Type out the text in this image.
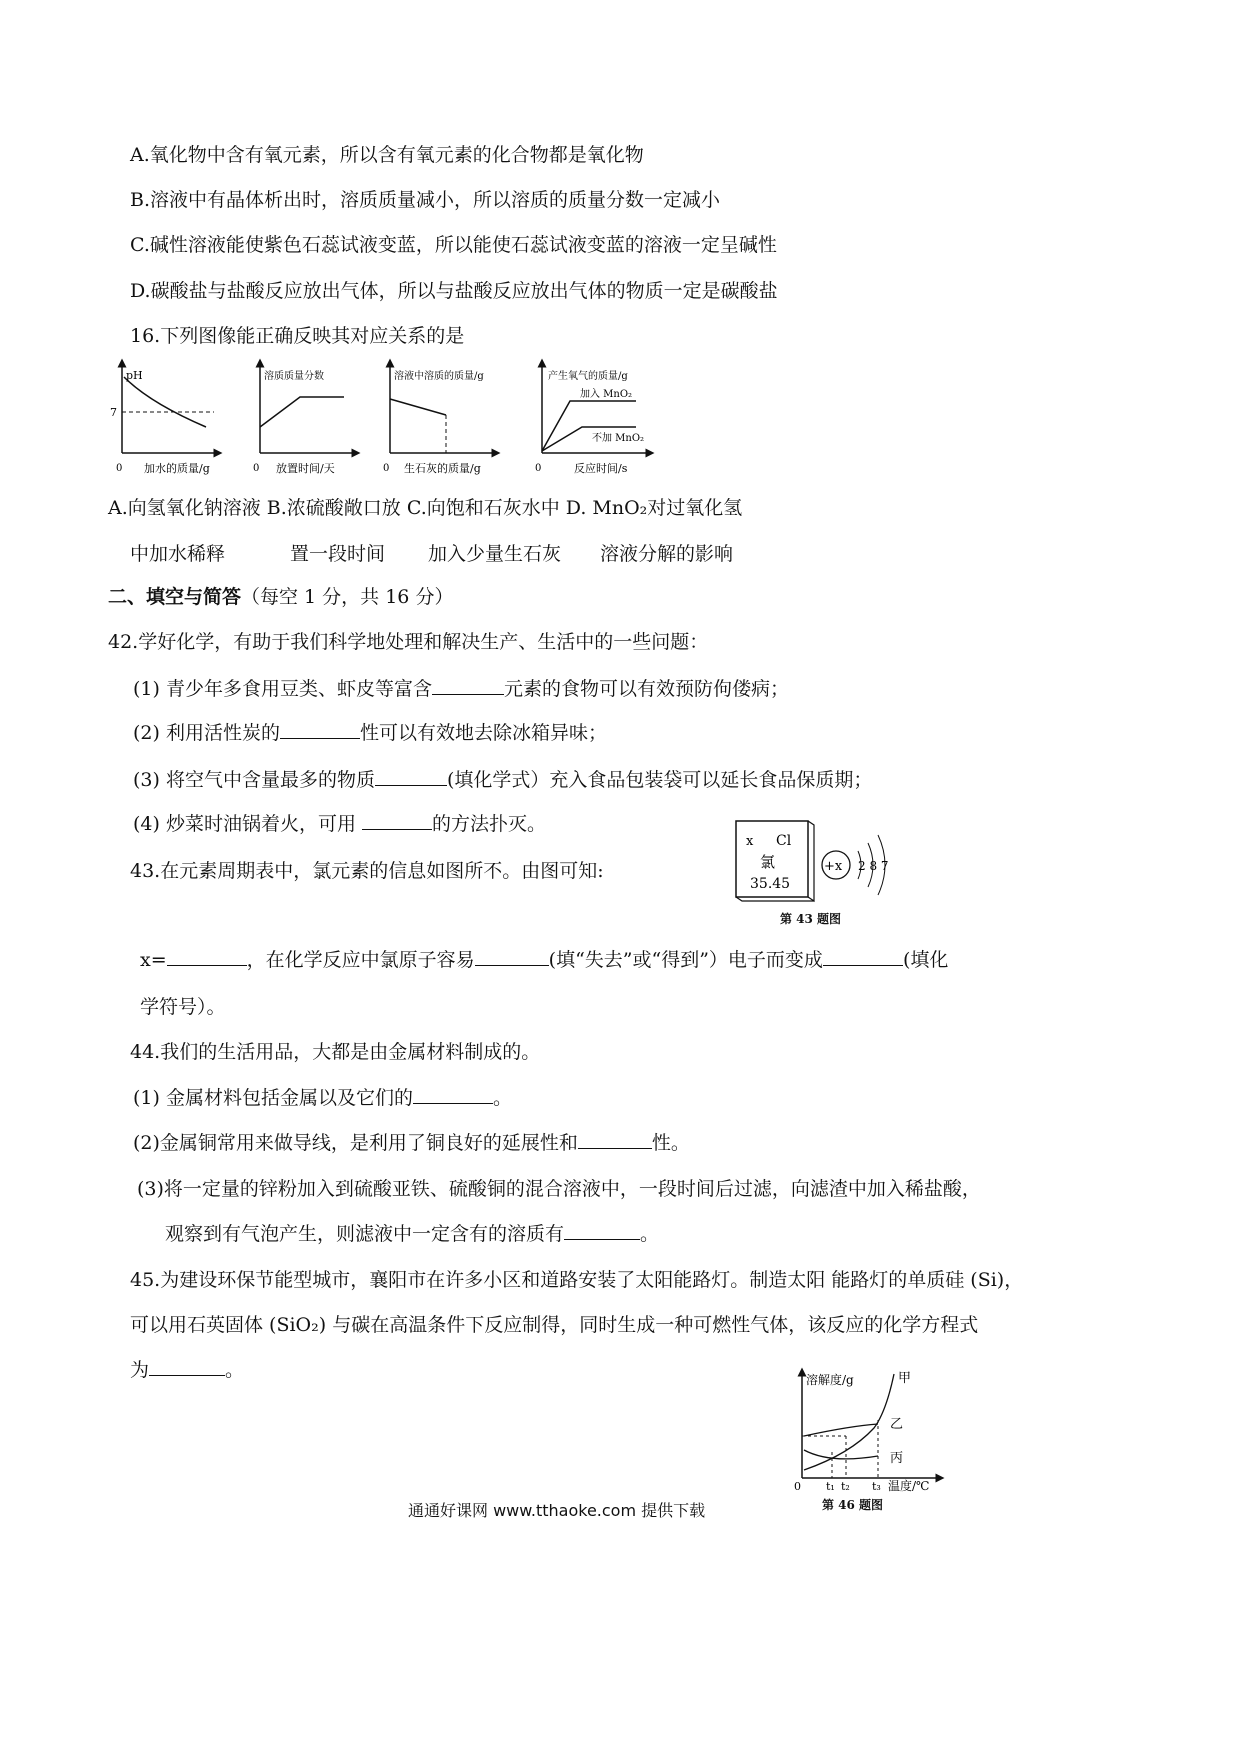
A.氧化物中含有氧元素，所以含有氧元素的化合物都是氧化物
B.溶液中有晶体析出时，溶质质量减小，所以溶质的质量分数一定减小
C.碱性溶液能使紫色石蕊试液变蓝，所以能使石蕊试液变蓝的溶液一定呈碱性
D.碳酸盐与盐酸反应放出气体，所以与盐酸反应放出气体的物质一定是碳酸盐
16.下列图像能正确反映其对应关系的是
pH
7
0 加水的质量/g
溶质质量分数
0 放置时间/天
溶液中溶质的质量/g
0 生石灰的质量/g
产生氧气的质量/g
加入 MnO₂
不加 MnO₂
0	反应时间/s
A.向氢氧化钠溶液 B.浓硫酸敞口放 C.向饱和石灰水中 D. MnO₂对过氧化氢
中加水稀释	置一段时间 加入少量生石灰 溶液分解的影响
二、填空与简答（每空 1 分，共 16 分）
42.学好化学，有助于我们科学地处理和解决生产、生活中的一些问题：
(1) 青少年多食用豆类、虾皮等富含	元素的食物可以有效预防佝偻病；
(2) 利用活性炭的	性可以有效地去除冰箱异味；
(3) 将空气中含量最多的物质	(填化学式）充入食品包装袋可以延长食品保质期；
(4) 炒菜时油锅着火，可用	的方法扑灭。
43.在元素周期表中，氯元素的信息如图所不。由图可知:
x Cl
氯
35.45
+x 2 8 7
第 43 题图
x=	，在化学反应中氯原子容易	(填“失去”或“得到”）电子而变成	(填化
学符号）。
44.我们的生活用品，大都是由金属材料制成的。
(1) 金属材料包括金属以及它们的	。
(2)金属铜常用来做导线，是利用了铜良好的延展性和	性。
(3)将一定量的锌粉加入到硫酸亚铁、硫酸铜的混合溶液中，一段时间后过滤，向滤渣中加入稀盐酸，
观察到有气泡产生，则滤液中一定含有的溶质有	。
45.为建设环保节能型城市，襄阳市在许多小区和道路安装了太阳能路灯。制造太阳 能路灯的单质硅 (Si)，
可以用石英固体 (SiO₂) 与碳在高温条件下反应制得，同时生成一种可燃性气体，该反应的化学方程式
为	。	溶解度/g	甲
乙
丙
0 t₁ t₂ t₃ 温度/℃
第 46 题图
通通好课网 www.tthaoke.com 提供下载
